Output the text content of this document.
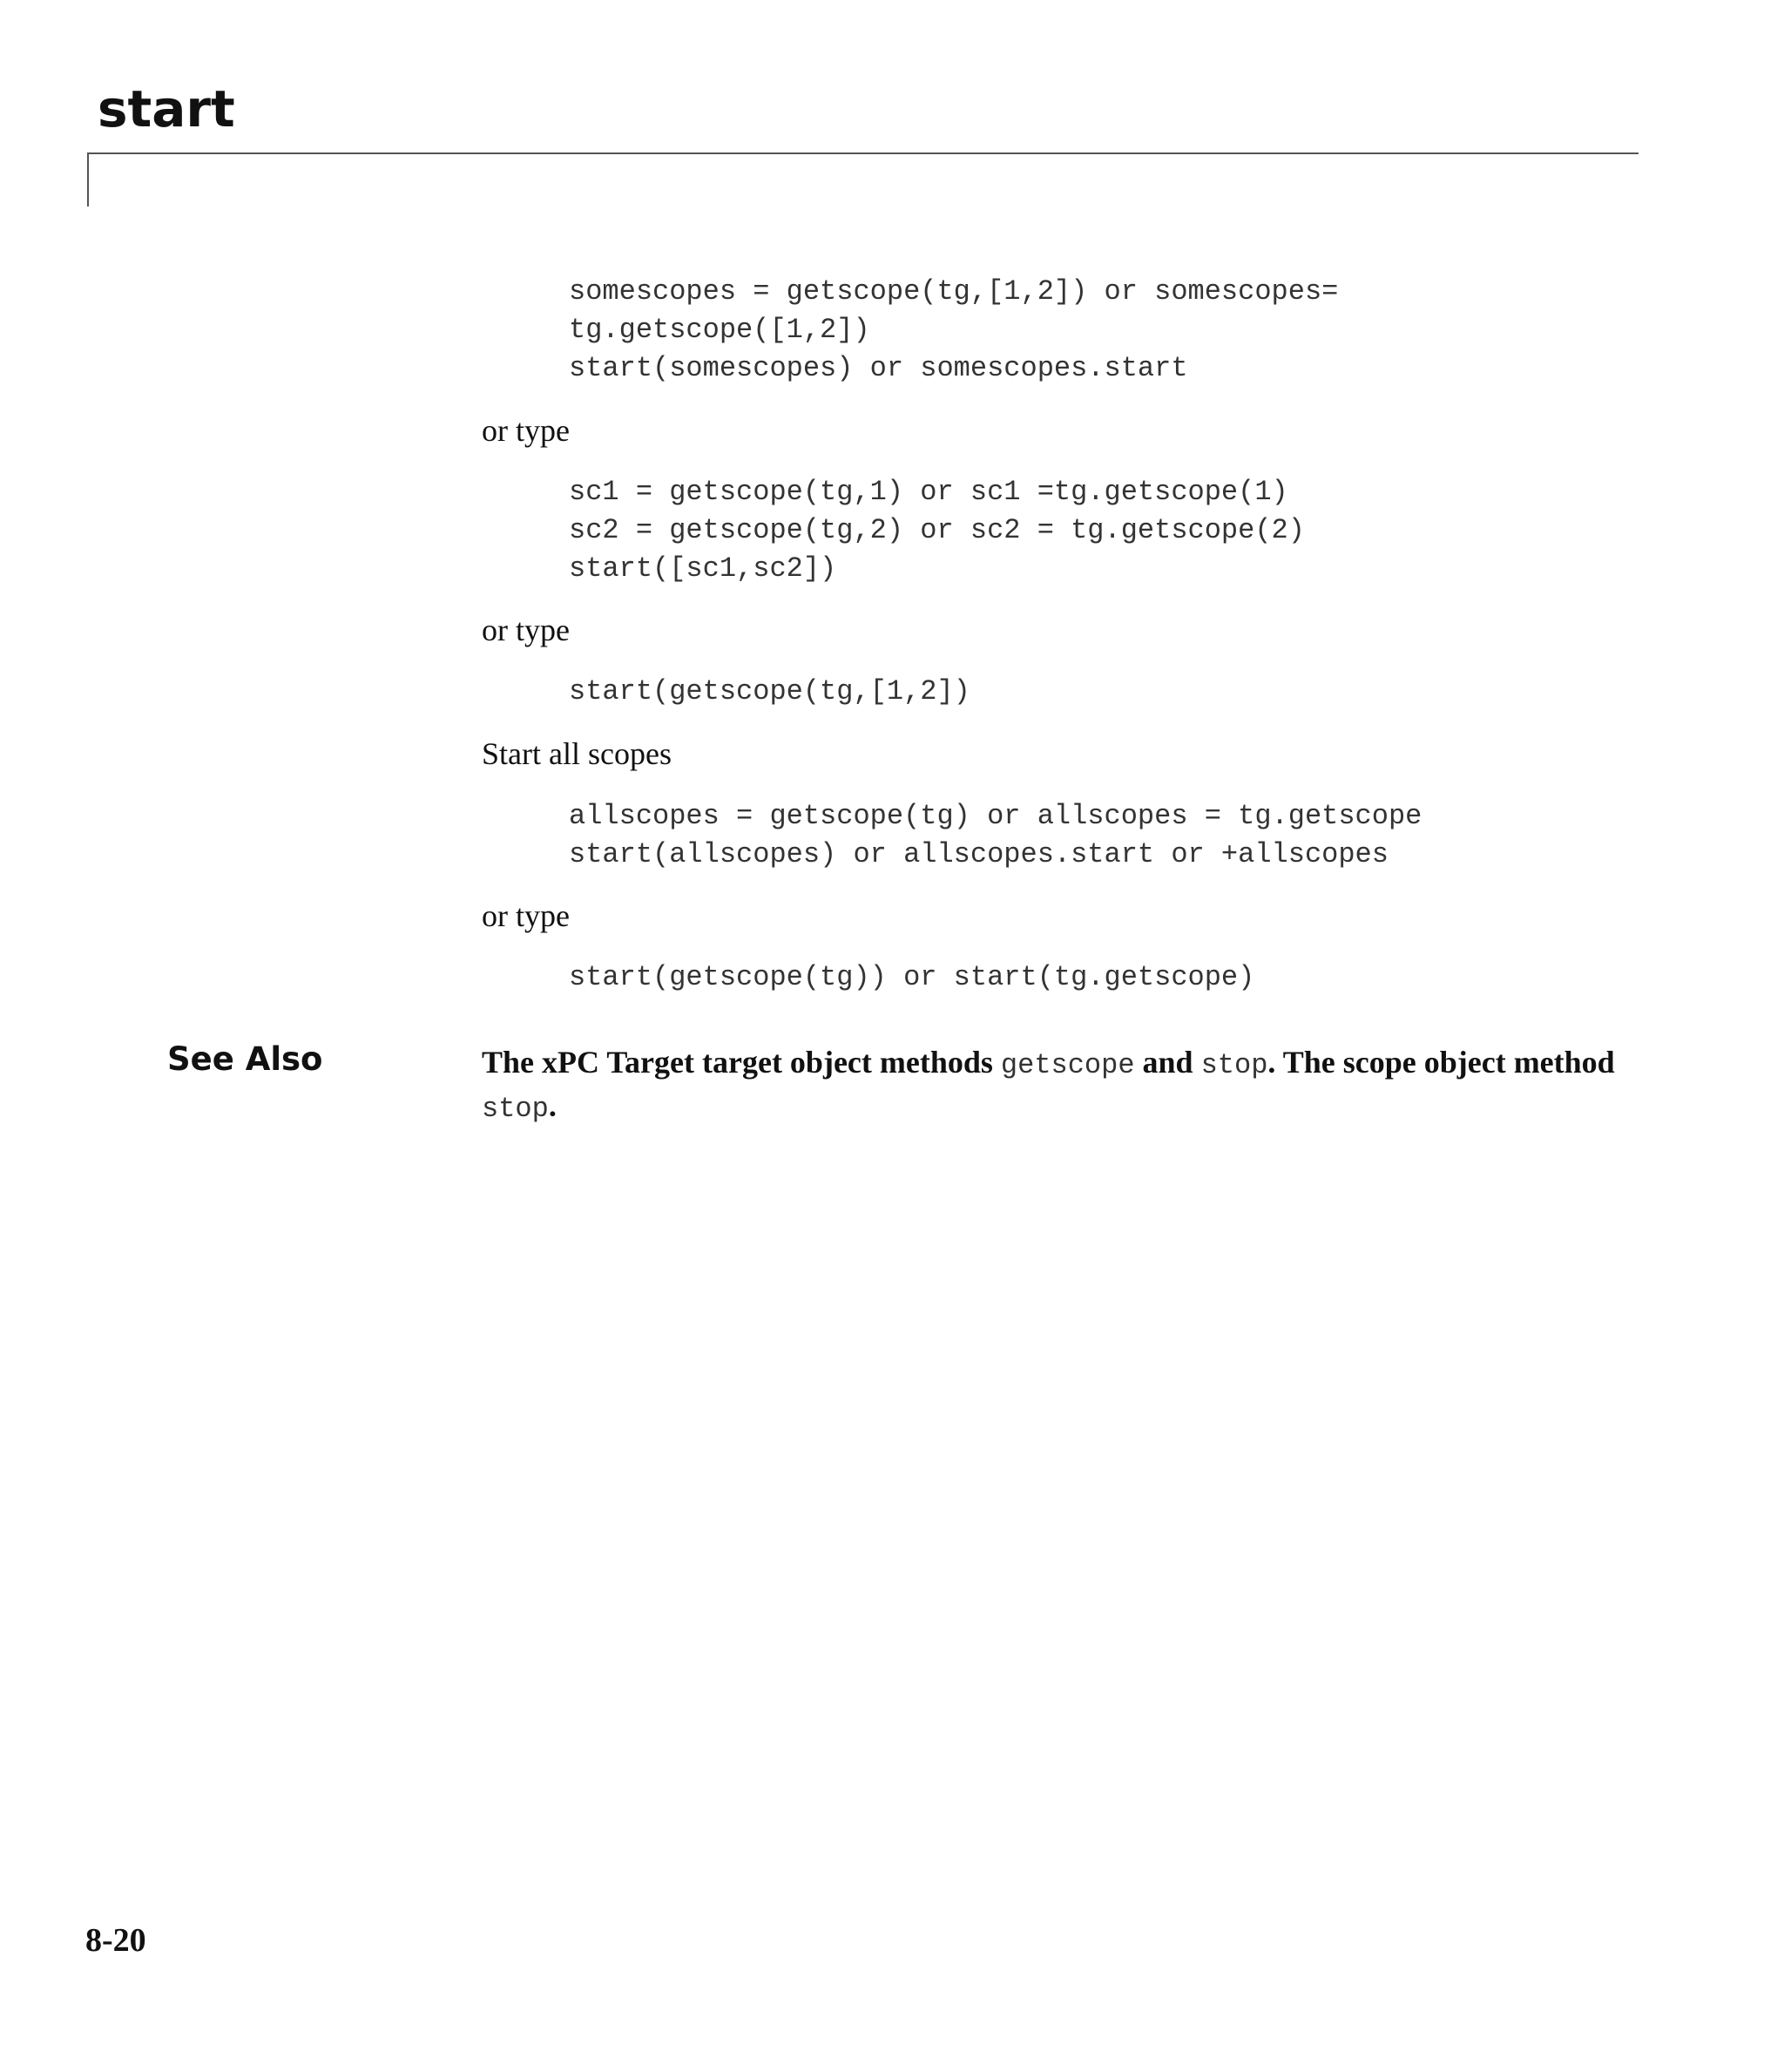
start
somescopes = getscope(tg,[1,2]) or somescopes=
tg.getscope([1,2])
start(somescopes) or somescopes.start
or type
sc1 = getscope(tg,1) or sc1 =tg.getscope(1)
sc2 = getscope(tg,2) or sc2 = tg.getscope(2)
start([sc1,sc2])
or type
start(getscope(tg,[1,2])
Start all scopes
allscopes = getscope(tg) or allscopes = tg.getscope
start(allscopes) or allscopes.start or +allscopes
or type
start(getscope(tg)) or start(tg.getscope)
See Also	The xPC Target target object methods getscope and stop. The scope object method stop.
8-20
